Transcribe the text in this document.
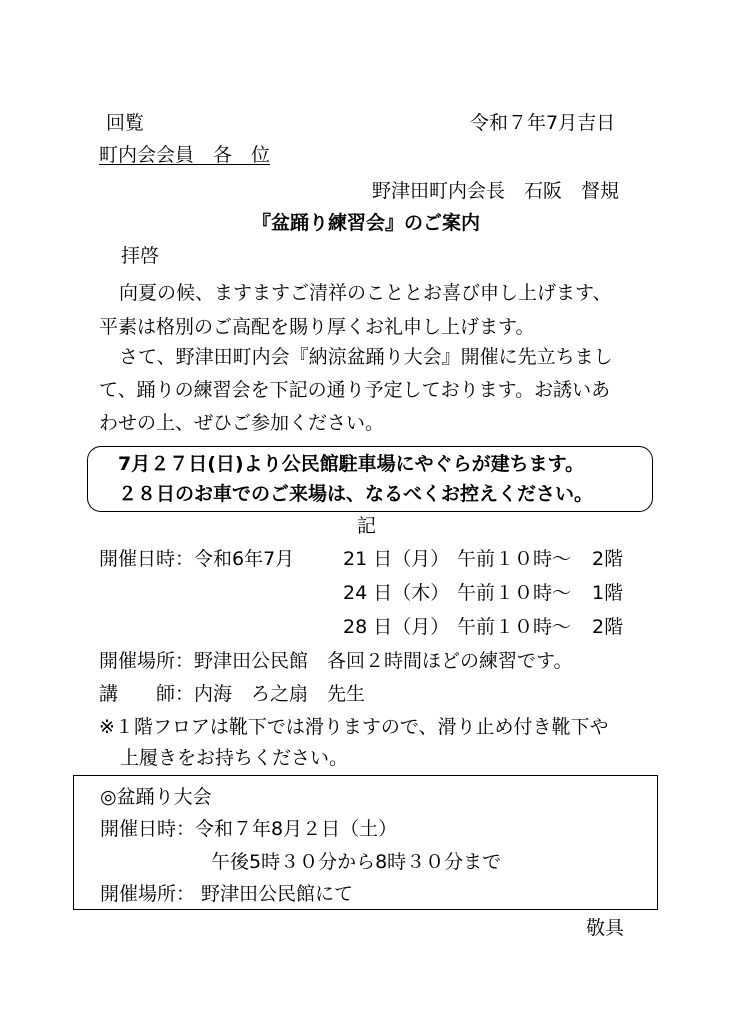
回覧	令和７年7月吉日
町内会会員　各　位
野津田町内会長　石阪　督規
『盆踊り練習会』のご案内
拝啓
向夏の候、ますますご清祥のこととお喜び申し上げます、
平素は格別のご高配を賜り厚くお礼申し上げます。
さて、野津田町内会『納涼盆踊り大会』開催に先立ちまし
て、踊りの練習会を下記の通り予定しております。お誘いあ
わせの上、ぜひご参加ください。
7月２７日(日)より公民館駐車場にやぐらが建ちます。
２８日のお車でのご来場は、なるべくお控えください。
記
開催日時：令和6年7月	21 日（月） 午前１０時～ 2階
24 日（木） 午前１０時～ 1階
28 日（月） 午前１０時～ 2階
開催場所：野津田公民館　各回２時間ほどの練習です。
講　　師：内海　ろ之扇　先生
※１階フロアは靴下では滑りますので、滑り止め付き靴下や
上履きをお持ちください。
◎盆踊り大会
開催日時：令和７年8月２日（土）
午後5時３０分から8時３０分まで
開催場所： 野津田公民館にて
敬具
